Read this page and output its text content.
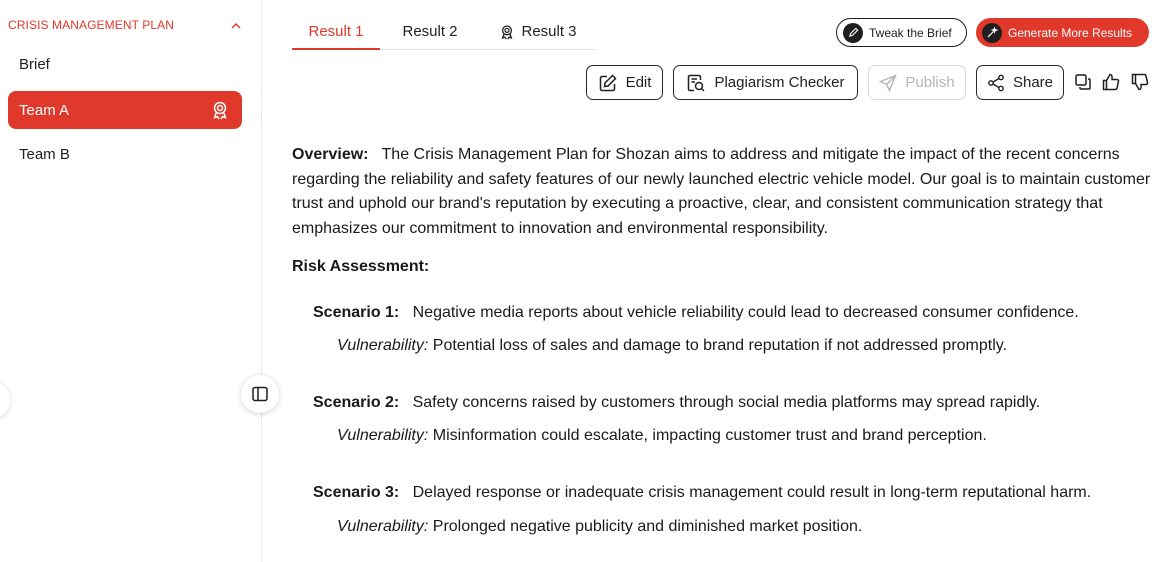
CRISIS MANAGEMENT PLAN
Brief
Team A
Team B
Result 1	Result 2	Result 3	Tweak the Brief	Generate More Results
Edit	Plagiarism Checker	Publish	Share
Overview: The Crisis Management Plan for Shozan aims to address and mitigate the impact of the recent concerns regarding the reliability and safety features of our newly launched electric vehicle model. Our goal is to maintain customer trust and uphold our brand's reputation by executing a proactive, clear, and consistent communication strategy that emphasizes our commitment to innovation and environmental responsibility.
Risk Assessment:
Scenario 1: Negative media reports about vehicle reliability could lead to decreased consumer confidence.
Vulnerability: Potential loss of sales and damage to brand reputation if not addressed promptly.
Scenario 2: Safety concerns raised by customers through social media platforms may spread rapidly.
Vulnerability: Misinformation could escalate, impacting customer trust and brand perception.
Scenario 3: Delayed response or inadequate crisis management could result in long-term reputational harm.
Vulnerability: Prolonged negative publicity and diminished market position.
